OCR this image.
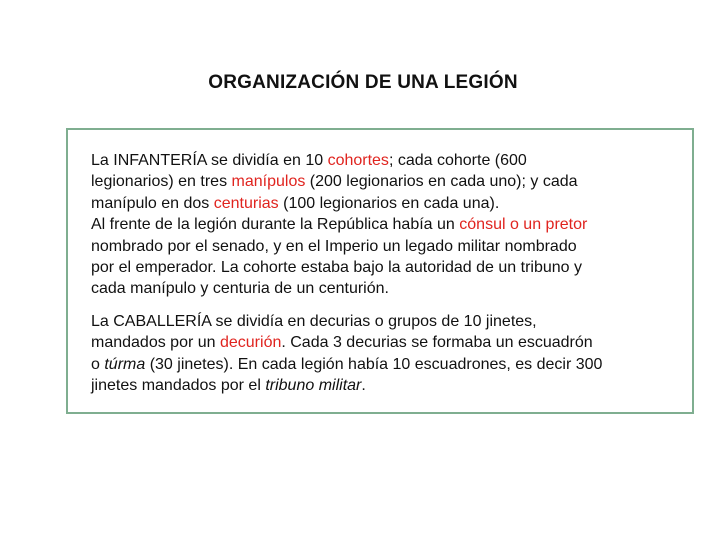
ORGANIZACIÓN DE UNA LEGIÓN

La INFANTERÍA se dividía en 10 cohortes; cada cohorte (600
legionarios) en tres manípulos (200 legionarios en cada uno); y cada
manípulo en dos centurias (100 legionarios en cada una).
Al frente de la legión durante la República había un cónsul o un pretor
nombrado por el senado, y en el Imperio un legado militar nombrado
por el emperador. La cohorte estaba bajo la autoridad de un tribuno y
cada manípulo y centuria de un centurión.

La CABALLERÍA se dividía en decurias o grupos de 10 jinetes,
mandados por un decurión. Cada 3 decurias se formaba un escuadrón
o túrma (30 jinetes). En cada legión había 10 escuadrones, es decir 300
jinetes mandados por el tribuno militar.
